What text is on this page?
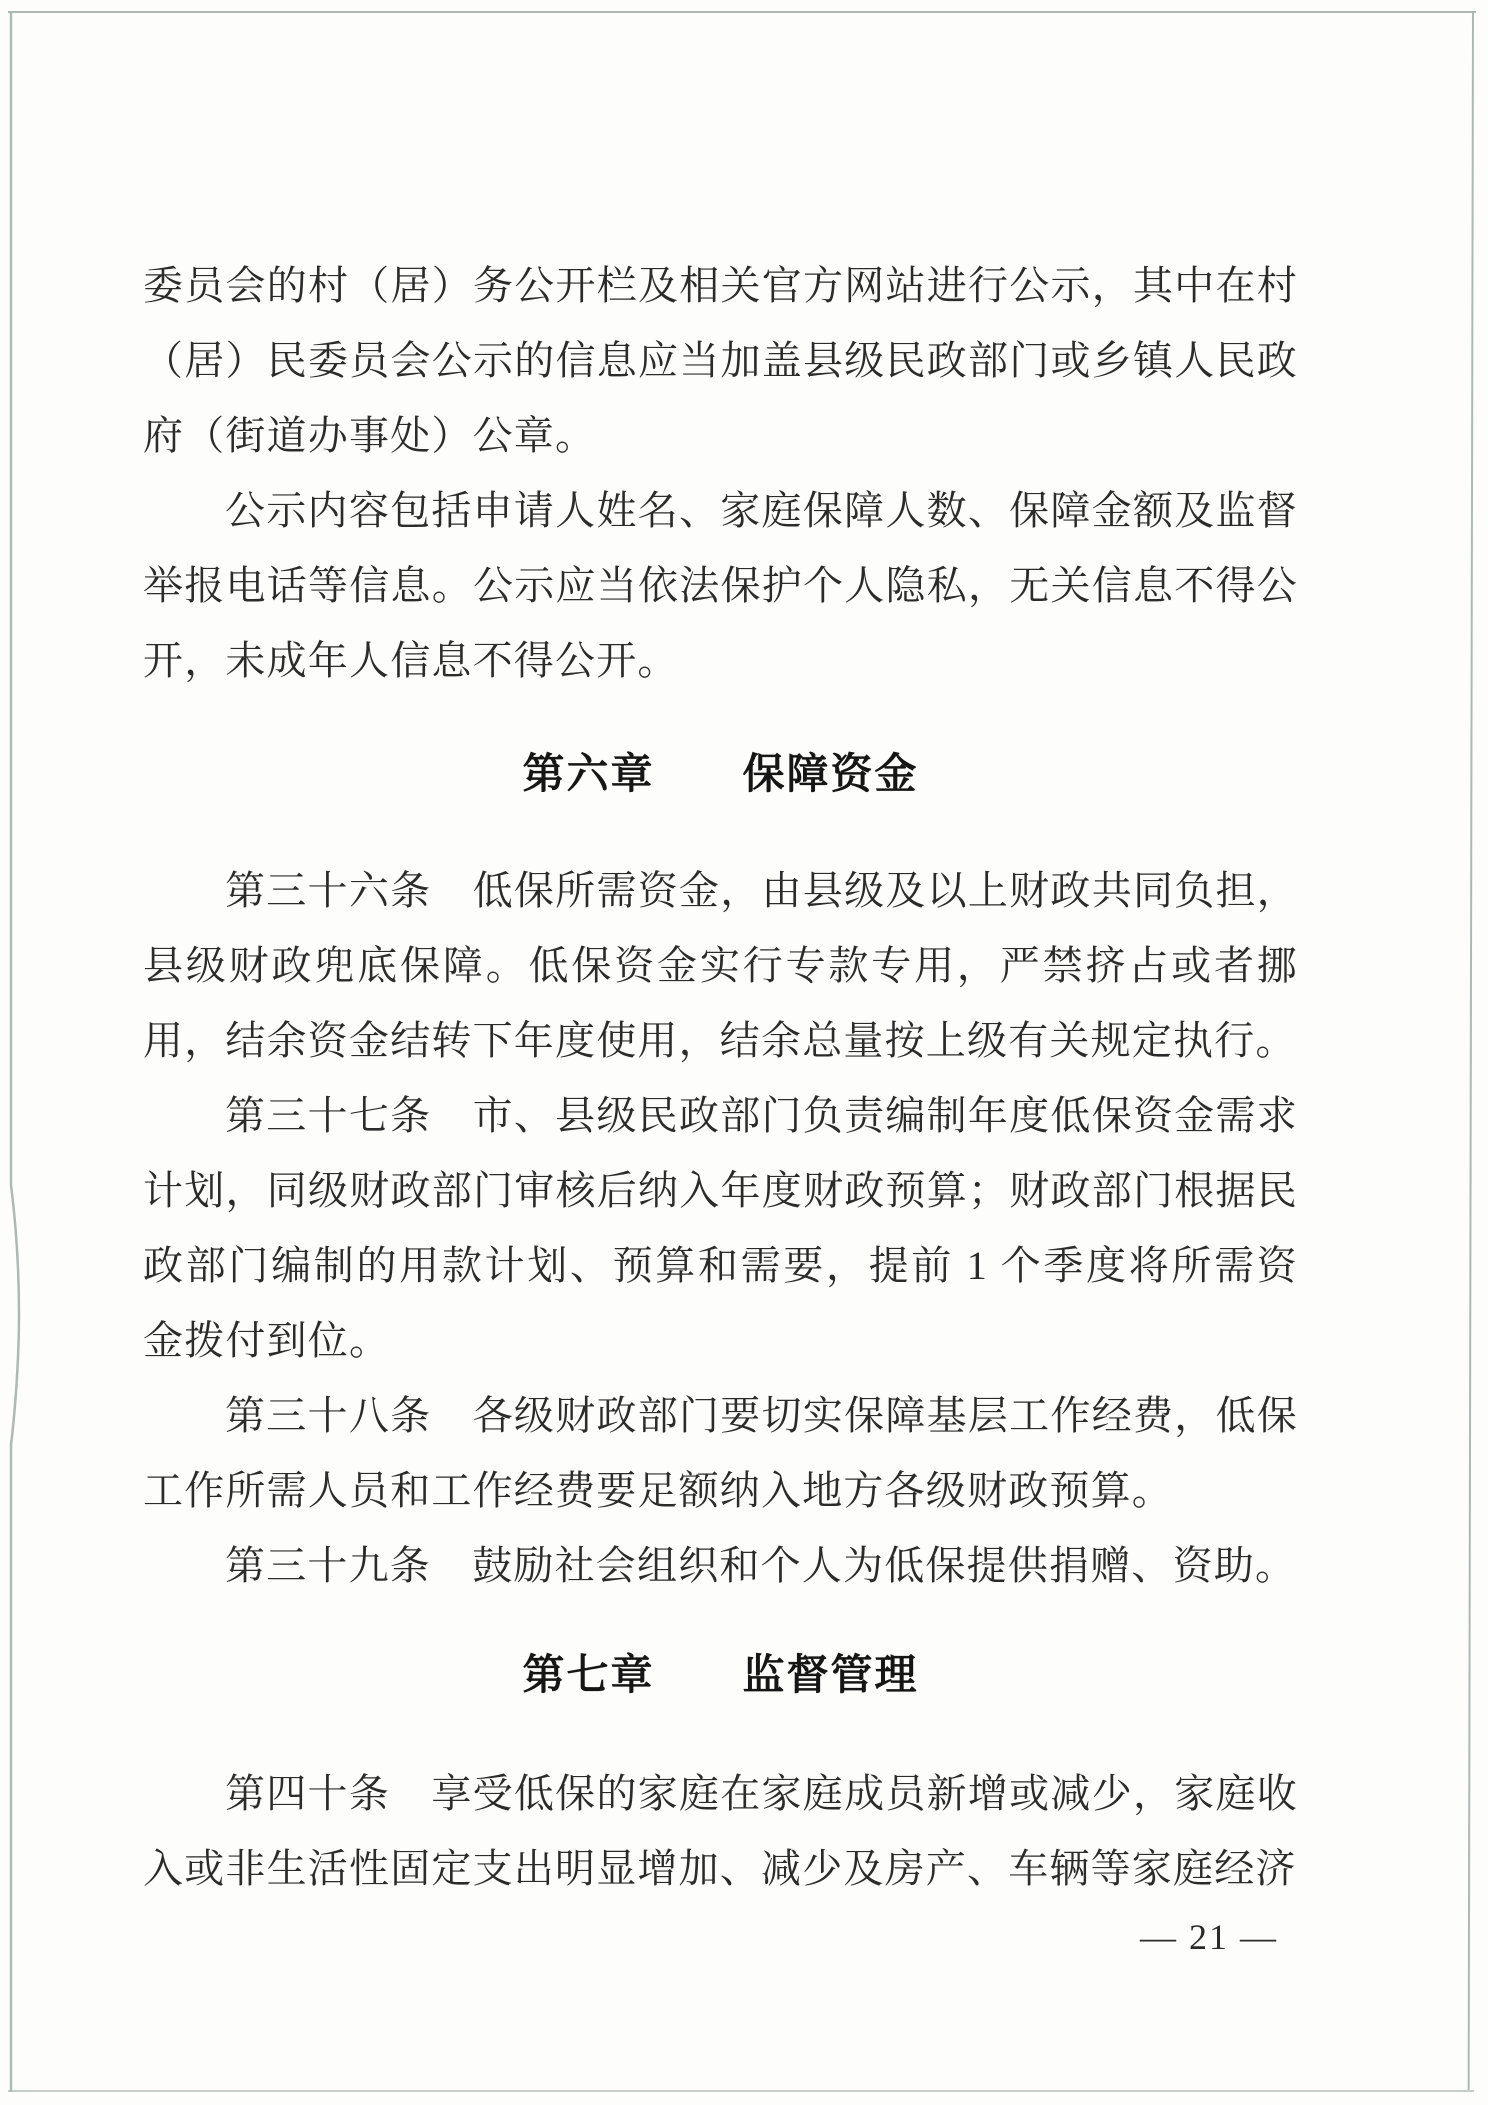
委员会的村（居）务公开栏及相关官方网站进行公示，其中在村（居）民委员会公示的信息应当加盖县级民政部门或乡镇人民政府（街道办事处）公章。

公示内容包括申请人姓名、家庭保障人数、保障金额及监督举报电话等信息。公示应当依法保护个人隐私，无关信息不得公开，未成年人信息不得公开。

第六章　　保障资金

第三十六条　低保所需资金，由县级及以上财政共同负担，县级财政兜底保障。低保资金实行专款专用，严禁挤占或者挪用，结余资金结转下年度使用，结余总量按上级有关规定执行。

第三十七条　市、县级民政部门负责编制年度低保资金需求计划，同级财政部门审核后纳入年度财政预算；财政部门根据民政部门编制的用款计划、预算和需要，提前 1 个季度将所需资金拨付到位。

第三十八条　各级财政部门要切实保障基层工作经费，低保工作所需人员和工作经费要足额纳入地方各级财政预算。

第三十九条　鼓励社会组织和个人为低保提供捐赠、资助。

第七章　　监督管理

第四十条　享受低保的家庭在家庭成员新增或减少，家庭收入或非生活性固定支出明显增加、减少及房产、车辆等家庭经济

— 21 —
